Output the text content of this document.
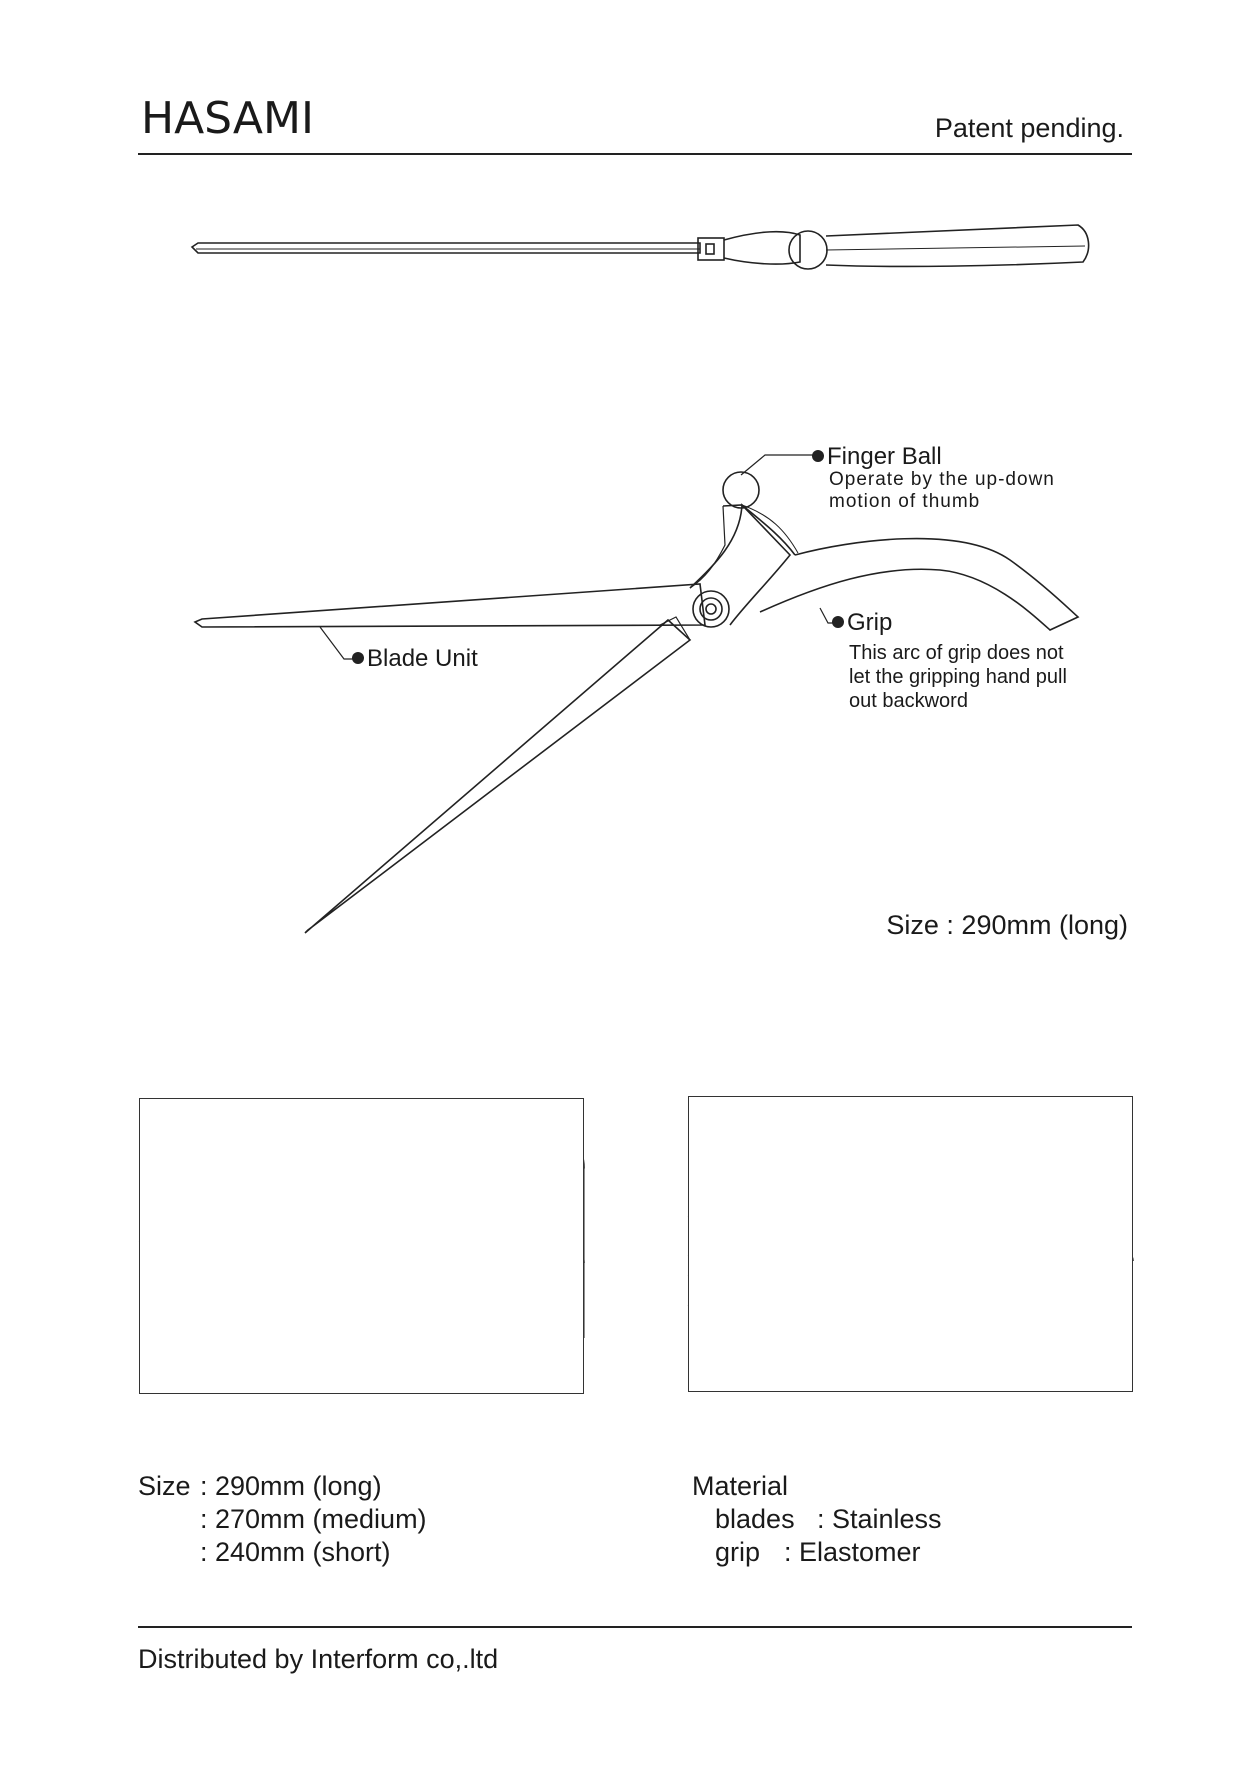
HASAMI	Patent pending.
Finger Ball
Operate by the up-down
motion of thumb
Grip
This arc of grip does not
let the gripping hand pull
out backword
Blade Unit
Size : 290mm (long)
Size : 290mm (long)
: 270mm (medium)
: 240mm (short)
Material
blades : Stainless
grip : Elastomer
Distributed by Interform co,.ltd
